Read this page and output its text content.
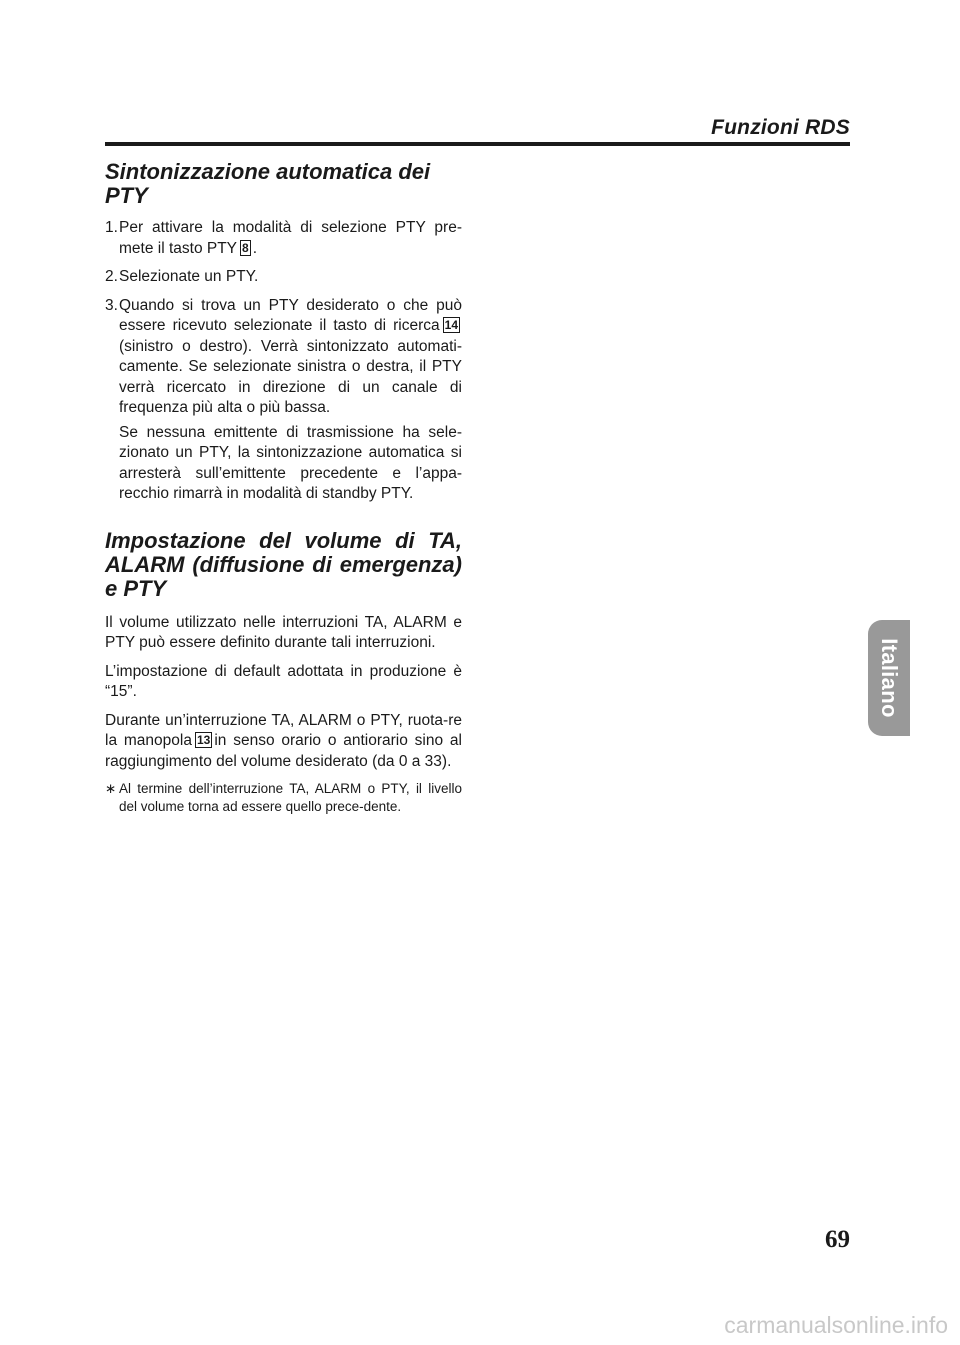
Funzioni RDS
Italiano
Sintonizzazione automatica dei PTY
1. Per attivare la modalità di selezione PTY pre-mete il tasto PTY 8 .
2. Selezionate un PTY.
3. Quando si trova un PTY desiderato o che può essere ricevuto selezionate il tasto di ricerca 14 (sinistro o destro). Verrà sintonizzato automati-camente. Se selezionate sinistra o destra, il PTY verrà ricercato in direzione di un canale di frequenza più alta o più bassa.
Se nessuna emittente di trasmissione ha sele-zionato un PTY, la sintonizzazione automatica si arresterà sull’emittente precedente e l’appa-recchio rimarrà in modalità di standby PTY.
Impostazione del volume di TA, ALARM (diffusione di emergenza) e PTY

Il volume utilizzato nelle interruzioni TA, ALARM e PTY può essere definito durante tali interruzioni.

L’impostazione di default adottata in produzione è “15”.

Durante un’interruzione TA, ALARM o PTY, ruota-re la manopola 13 in senso orario o antiorario sino al raggiungimento del volume desiderato (da 0 a 33).

∗ Al termine dell’interruzione TA, ALARM o PTY, il livello del volume torna ad essere quello prece-dente.
69
carmanualsonline.info
